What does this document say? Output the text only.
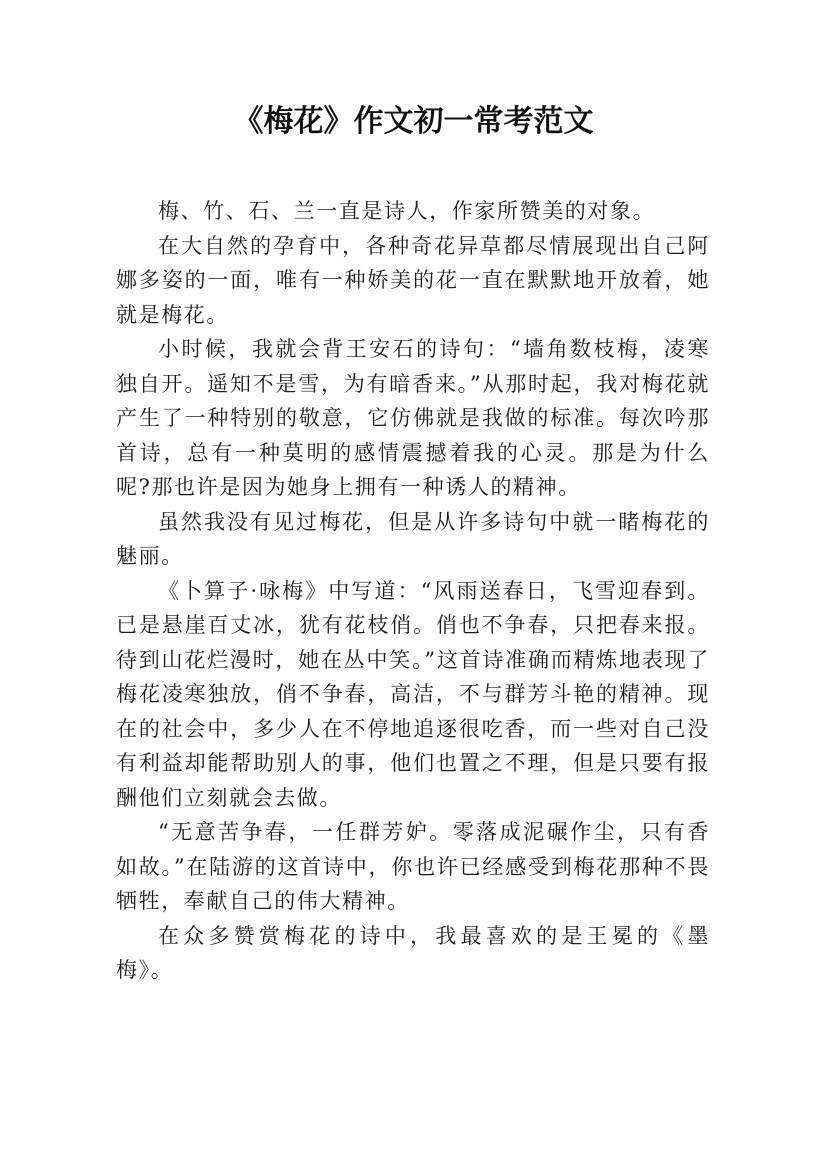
《梅花》作文初一常考范文

梅、竹、石、兰一直是诗人，作家所赞美的对象。

在大自然的孕育中，各种奇花异草都尽情展现出自己阿娜多姿的一面，唯有一种娇美的花一直在默默地开放着，她就是梅花。

小时候，我就会背王安石的诗句：“墙角数枝梅，凌寒独自开。遥知不是雪，为有暗香来。”从那时起，我对梅花就产生了一种特别的敬意，它仿佛就是我做的标准。每次吟那首诗，总有一种莫明的感情震撼着我的心灵。那是为什么呢?那也许是因为她身上拥有一种诱人的精神。

虽然我没有见过梅花，但是从许多诗句中就一睹梅花的魅丽。

《卜算子·咏梅》中写道：“风雨送春日，飞雪迎春到。已是悬崖百丈冰，犹有花枝俏。俏也不争春，只把春来报。待到山花烂漫时，她在丛中笑。”这首诗准确而精炼地表现了梅花凌寒独放，俏不争春，高洁，不与群芳斗艳的精神。现在的社会中，多少人在不停地追逐很吃香，而一些对自己没有利益却能帮助别人的事，他们也置之不理，但是只要有报酬他们立刻就会去做。

“无意苦争春，一任群芳妒。零落成泥碾作尘，只有香如故。”在陆游的这首诗中，你也许已经感受到梅花那种不畏牺牲，奉献自己的伟大精神。

在众多赞赏梅花的诗中，我最喜欢的是王冕的《墨梅》。
